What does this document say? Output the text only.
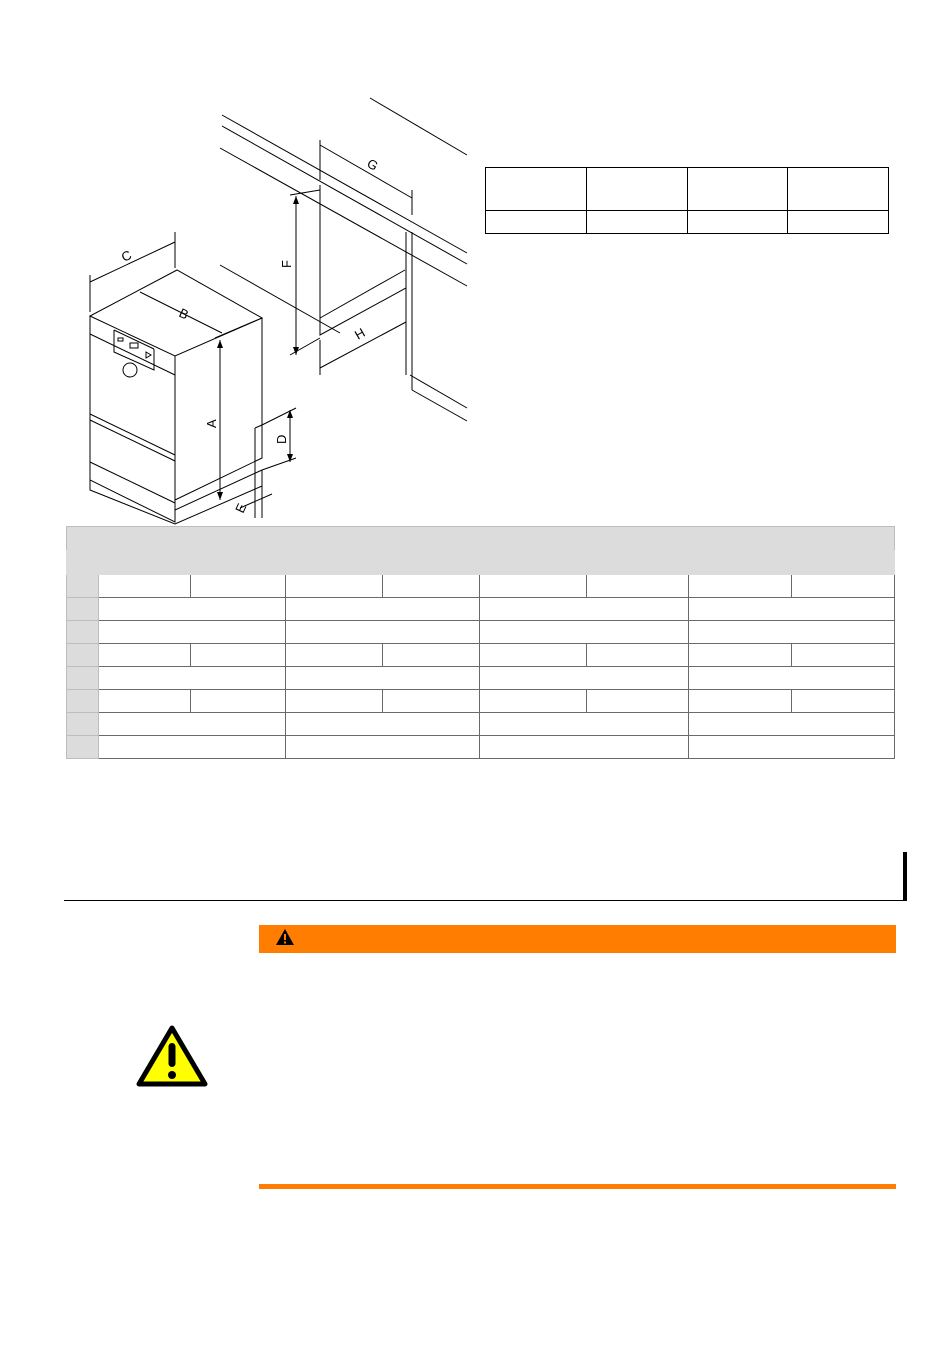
C
B
A
D
E
F
G
H
